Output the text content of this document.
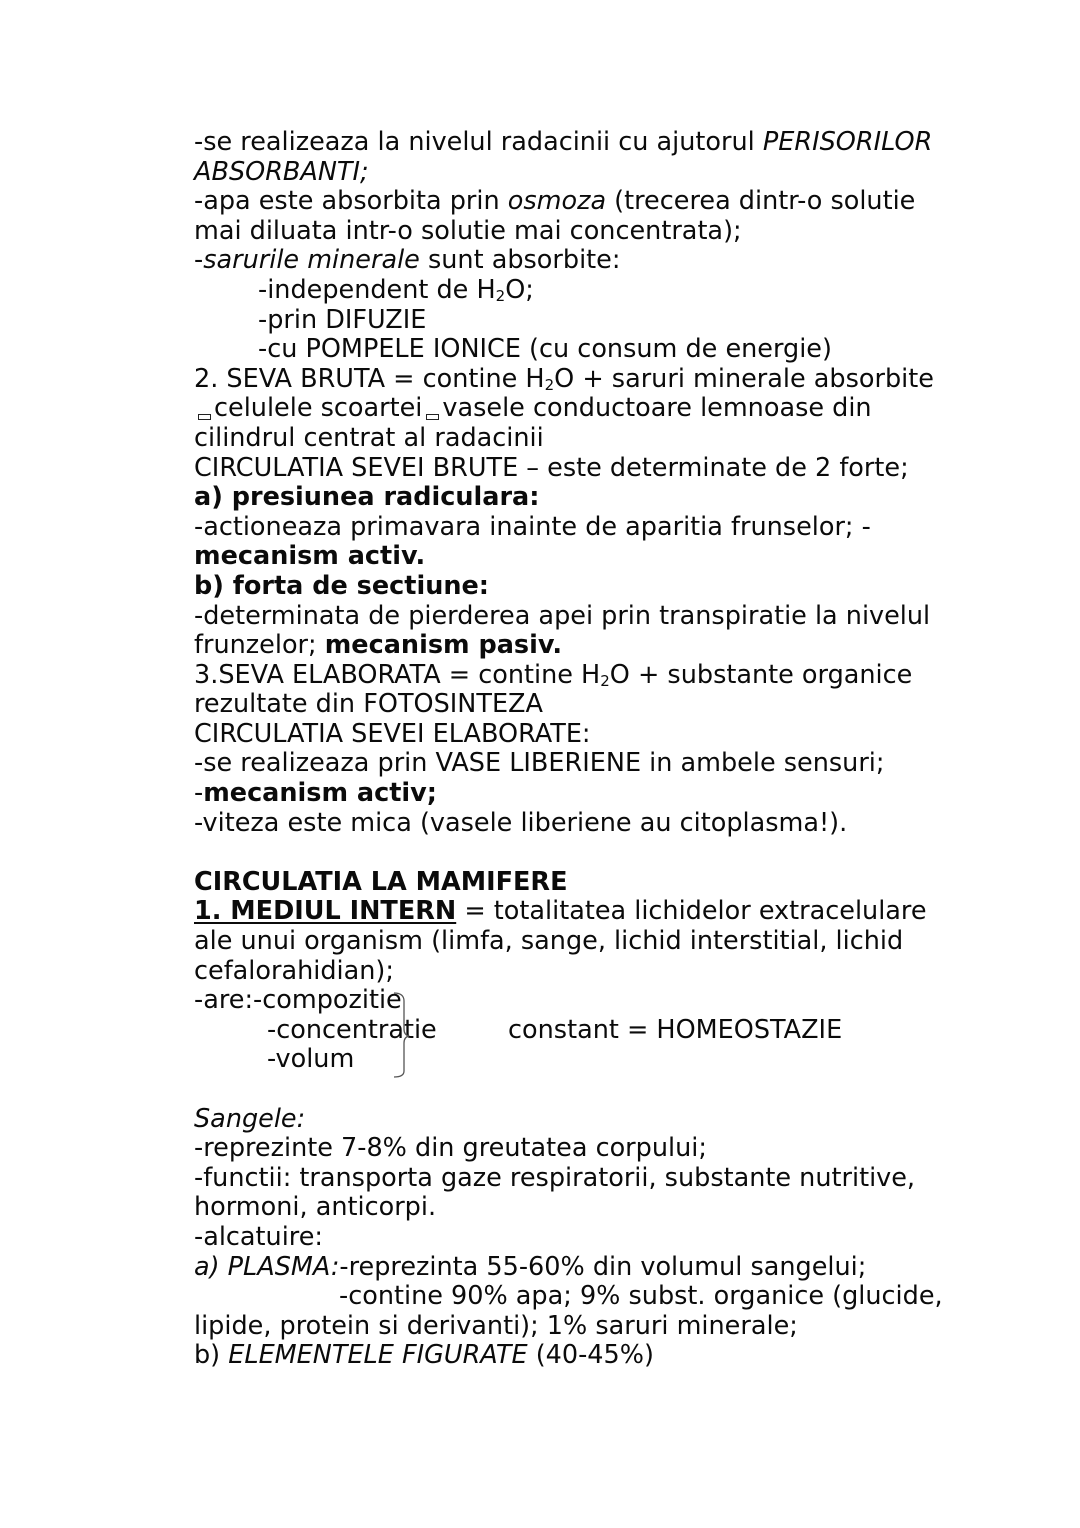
-se realizeaza la nivelul radacinii cu ajutorul PERISORILOR
ABSORBANTI;
-apa este absorbita prin osmoza (trecerea dintr-o solutie
mai diluata intr-o solutie mai concentrata);
-sarurile minerale sunt absorbite:
-independent de $H_2O$;
-prin DIFUZIE
-cu POMPELE IONICE (cu consum de energie)
2. SEVA BRUTA = contine $H_2O$ + saruri minerale absorbite
celulele scoartei vasele conductoare lemnoase din
cilindrul centrat al radacinii
CIRCULATIA SEVEI BRUTE – este determinate de 2 forte;
a) presiunea radiculara:
-actioneaza primavara inainte de aparitia frunselor; -
mecanism activ.
b) forta de sectiune:
-determinata de pierderea apei prin transpiratie la nivelul
frunzelor; mecanism pasiv.
3.SEVA ELABORATA = contine $H_2O$ + substante organice
rezultate din FOTOSINTEZA
CIRCULATIA SEVEI ELABORATE:
-se realizeaza prin VASE LIBERIENE in ambele sensuri;
-mecanism activ;
-viteza este mica (vasele liberiene au citoplasma!).
CIRCULATIA LA MAMIFERE
1. MEDIUL INTERN = totalitatea lichidelor extracelulare
ale unui organism (limfa, sange, lichid interstitial, lichid
cefalorahidian);
-are:-compozitie
-concentratie	constant = HOMEOSTAZIE
-volum
Sangele:
-reprezinte 7-8% din greutatea corpului;
-functii: transporta gaze respiratorii, substante nutritive,
hormoni, anticorpi.
-alcatuire:
a) PLASMA:-reprezinta 55-60% din volumul sangelui;
-contine 90% apa; 9% subst. organice (glucide,
lipide, protein si derivanti); 1% saruri minerale;
b) ELEMENTELE FIGURATE (40-45%)
